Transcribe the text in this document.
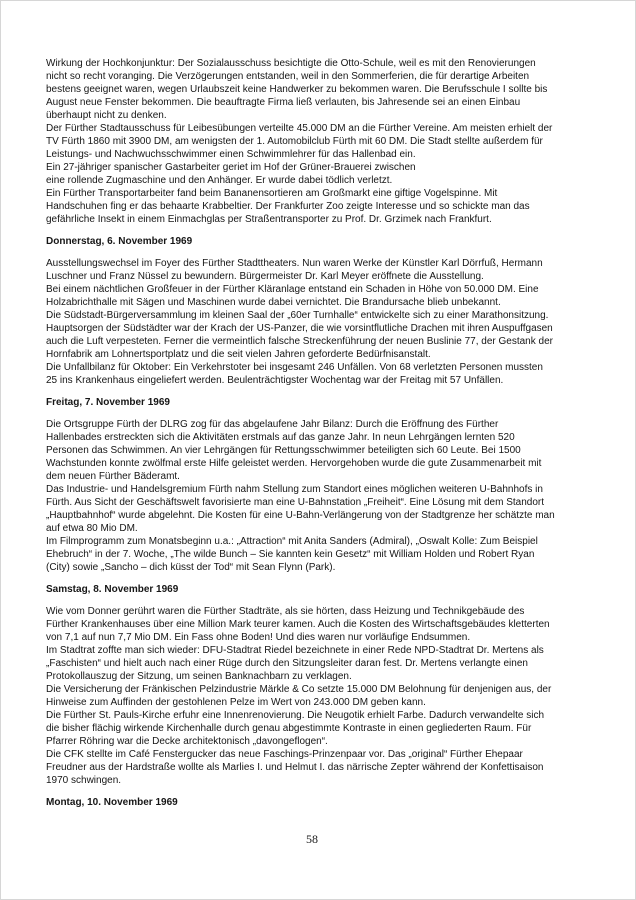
Wirkung der Hochkonjunktur: Der Sozialausschuss besichtigte die Otto-Schule, weil es mit den Renovierungen
nicht so recht voranging. Die Verzögerungen entstanden, weil in den Sommerferien, die für derartige Arbeiten
bestens geeignet waren, wegen Urlaubszeit keine Handwerker zu bekommen waren. Die Berufsschule I sollte bis
August neue Fenster bekommen. Die beauftragte Firma ließ verlauten, bis Jahresende sei an einen Einbau
überhaupt nicht zu denken.
Der Fürther Stadtausschuss für Leibesübungen verteilte 45.000 DM an die Fürther Vereine. Am meisten erhielt der
TV Fürth 1860 mit 3900 DM, am wenigsten der 1. Automobilclub Fürth mit 60 DM. Die Stadt stellte außerdem für
Leistungs- und Nachwuchsschwimmer einen Schwimmlehrer für das Hallenbad ein.
Ein 27-jähriger spanischer Gastarbeiter geriet im Hof der Grüner-Brauerei zwischen
eine rollende Zugmaschine und den Anhänger. Er wurde dabei tödlich verletzt.
Ein Fürther Transportarbeiter fand beim Bananensortieren am Großmarkt eine giftige Vogelspinne. Mit
Handschuhen fing er das behaarte Krabbeltier. Der Frankfurter Zoo zeigte Interesse und so schickte man das
gefährliche Insekt in einem Einmachglas per Straßentransporter zu Prof. Dr. Grzimek nach Frankfurt.

Donnerstag, 6. November 1969

Ausstellungswechsel im Foyer des Fürther Stadttheaters. Nun waren Werke der Künstler Karl Dörrfuß, Hermann
Luschner und Franz Nüssel zu bewundern. Bürgermeister Dr. Karl Meyer eröffnete die Ausstellung.
Bei einem nächtlichen Großfeuer in der Fürther Kläranlage entstand ein Schaden in Höhe von 50.000 DM. Eine
Holzabrichthalle mit Sägen und Maschinen wurde dabei vernichtet. Die Brandursache blieb unbekannt.
Die Südstadt-Bürgerversammlung im kleinen Saal der „60er Turnhalle“ entwickelte sich zu einer Marathonsitzung.
Hauptsorgen der Südstädter war der Krach der US-Panzer, die wie vorsintflutliche Drachen mit ihren Auspuffgasen
auch die Luft verpesteten. Ferner die vermeintlich falsche Streckenführung der neuen Buslinie 77, der Gestank der
Hornfabrik am Lohnertsportplatz und die seit vielen Jahren geforderte Bedürfnisanstalt.
Die Unfallbilanz für Oktober: Ein Verkehrstoter bei insgesamt 246 Unfällen. Von 68 verletzten Personen mussten
25 ins Krankenhaus eingeliefert werden. Beulenträchtigster Wochentag war der Freitag mit 57 Unfällen.

Freitag, 7. November 1969

Die Ortsgruppe Fürth der DLRG zog für das abgelaufene Jahr Bilanz: Durch die Eröffnung des Fürther
Hallenbades erstreckten sich die Aktivitäten erstmals auf das ganze Jahr. In neun Lehrgängen lernten 520
Personen das Schwimmen. An vier Lehrgängen für Rettungsschwimmer beteiligten sich 60 Leute. Bei 1500
Wachstunden konnte zwölfmal erste Hilfe geleistet werden. Hervorgehoben wurde die gute Zusammenarbeit mit
dem neuen Fürther Bäderamt.
Das Industrie- und Handelsgremium Fürth nahm Stellung zum Standort eines möglichen weiteren U-Bahnhofs in
Fürth. Aus Sicht der Geschäftswelt favorisierte man eine U-Bahnstation „Freiheit“. Eine Lösung mit dem Standort
„Hauptbahnhof“ wurde abgelehnt. Die Kosten für eine U-Bahn-Verlängerung von der Stadtgrenze her schätzte man
auf etwa 80 Mio DM.
Im Filmprogramm zum Monatsbeginn u.a.: „Attraction“ mit Anita Sanders (Admiral), „Oswalt Kolle: Zum Beispiel
Ehebruch“ in der 7. Woche, „The wilde Bunch – Sie kannten kein Gesetz“ mit William Holden und Robert Ryan
(City) sowie „Sancho – dich küsst der Tod“ mit Sean Flynn (Park).

Samstag, 8. November 1969

Wie vom Donner gerührt waren die Fürther Stadträte, als sie hörten, dass Heizung und Technikgebäude des
Fürther Krankenhauses über eine Million Mark teurer kamen. Auch die Kosten des Wirtschaftsgebäudes kletterten
von 7,1 auf nun 7,7 Mio DM. Ein Fass ohne Boden! Und dies waren nur vorläufige Endsummen.
Im Stadtrat zoffte man sich wieder: DFU-Stadtrat Riedel bezeichnete in einer Rede NPD-Stadtrat Dr. Mertens als
„Faschisten“ und hielt auch nach einer Rüge durch den Sitzungsleiter daran fest. Dr. Mertens verlangte einen
Protokollauszug der Sitzung, um seinen Banknachbarn zu verklagen.
Die Versicherung der Fränkischen Pelzindustrie Märkle & Co setzte 15.000 DM Belohnung für denjenigen aus, der
Hinweise zum Auffinden der gestohlenen Pelze im Wert von 243.000 DM geben kann.
Die Fürther St. Pauls-Kirche erfuhr eine Innenrenovierung. Die Neugotik erhielt Farbe. Dadurch verwandelte sich
die bisher flächig wirkende Kirchenhalle durch genau abgestimmte Kontraste in einen gegliederten Raum. Für
Pfarrer Röhring war die Decke architektonisch „davongeflogen“.
Die CFK stellte im Café Fenstergucker das neue Faschings-Prinzenpaar vor. Das „original“ Fürther Ehepaar
Freudner aus der Hardstraße wollte als Marlies I. und Helmut I. das närrische Zepter während der Konfettisaison
1970 schwingen.

Montag, 10. November 1969
58
